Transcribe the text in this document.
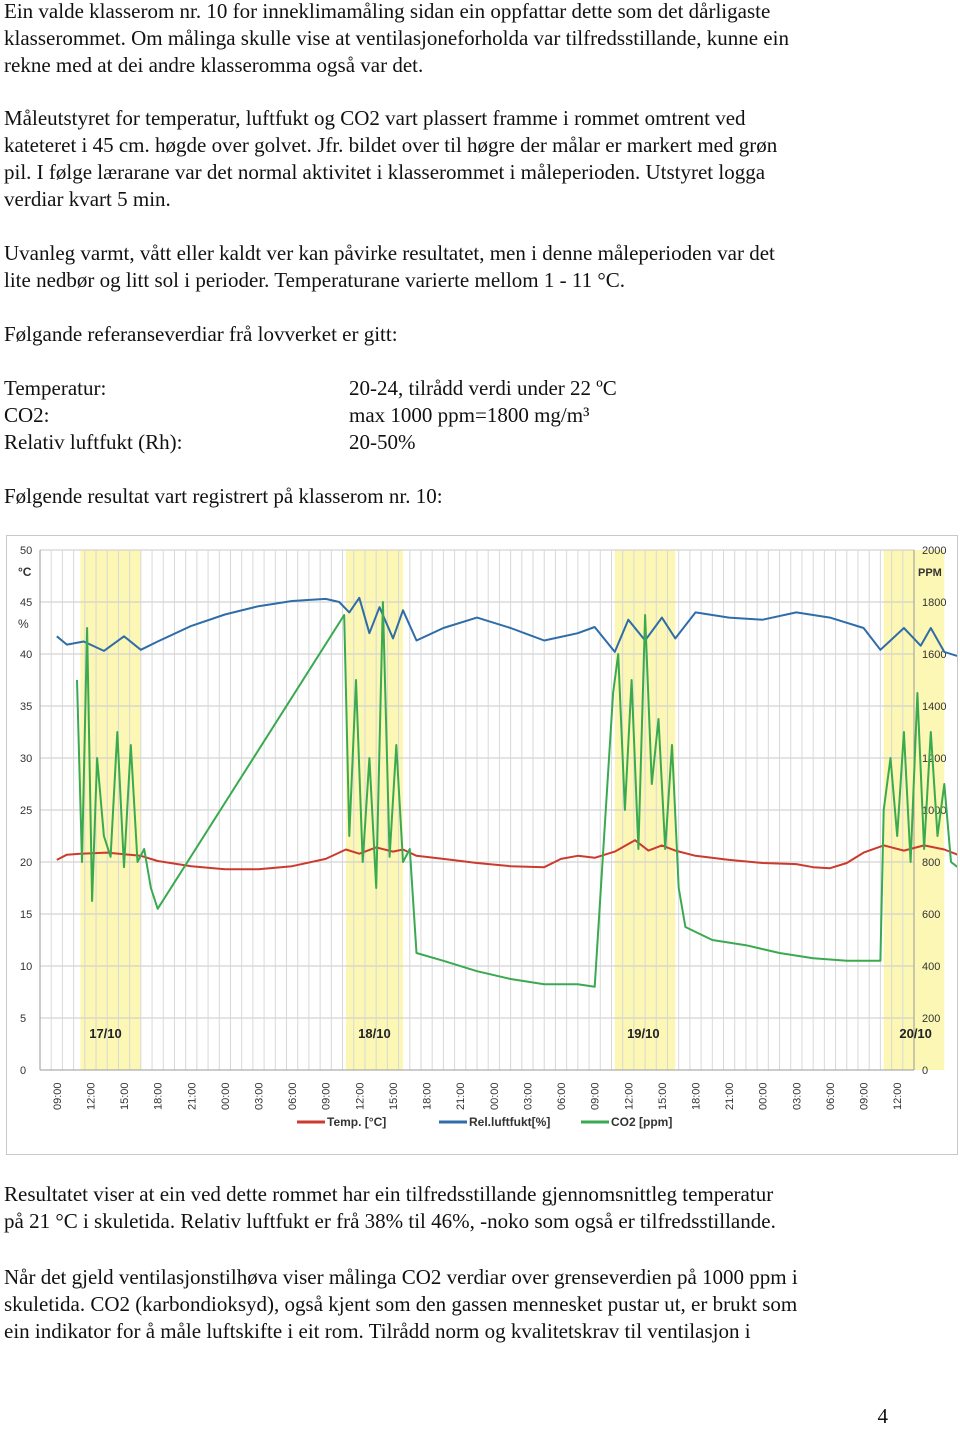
Ein valde klasserom nr. 10 for inneklimamåling sidan ein oppfattar dette som det dårligaste
klasserommet. Om målinga skulle vise at ventilasjoneforholda var tilfredsstillande, kunne ein
rekne med at dei andre klasseromma også var det.
Måleutstyret for temperatur, luftfukt og CO2 vart plassert framme i rommet omtrent ved
kateteret i 45 cm. høgde over golvet. Jfr. bildet over til høgre der målar er markert med grøn
pil. I følge lærarane var det normal aktivitet i klasserommet i måleperioden. Utstyret logga
verdiar kvart 5 min.
Uvanleg varmt, vått eller kaldt ver kan påvirke resultatet, men i denne måleperioden var det
lite nedbør og litt sol i perioder. Temperaturane varierte mellom 1 - 11 °C.
Følgande referanseverdiar frå lovverket er gitt:
Temperatur:	20-24, tilrådd verdi under 22 ºC
CO2:	max 1000 ppm=1800 mg/m³
Relativ luftfukt (Rh):	20-50%
Følgende resultat vart registrert på klasserom nr. 10:
0	0
5	200
10	400
15	600
20	800
25	1000
30	1200
35	1400
40	1600
45	1800
50	2000
°C
%
PPM
09:00 12:00 15:00 18:00 21:00 00:00 03:00 06:00 09:00 12:00 15:00 18:00 21:00 00:00 03:00 06:00 09:00 12:00 15:00 18:00 21:00 00:00 03:00 06:00 09:00 12:00
17/10	18/10	19/10	20/10
Temp. [°C]	Rel.luftfukt[%]	CO2 [ppm]
Resultatet viser at ein ved dette rommet har ein tilfredsstillande gjennomsnittleg temperatur
på 21 °C i skuletida. Relativ luftfukt er frå 38% til 46%, -noko som også er tilfredsstillande.
Når det gjeld ventilasjonstilhøva viser målinga CO2 verdiar over grenseverdien på 1000 ppm i
skuletida. CO2 (karbondioksyd), også kjent som den gassen mennesket pustar ut, er brukt som
ein indikator for å måle luftskifte i eit rom. Tilrådd norm og kvalitetskrav til ventilasjon i
4
